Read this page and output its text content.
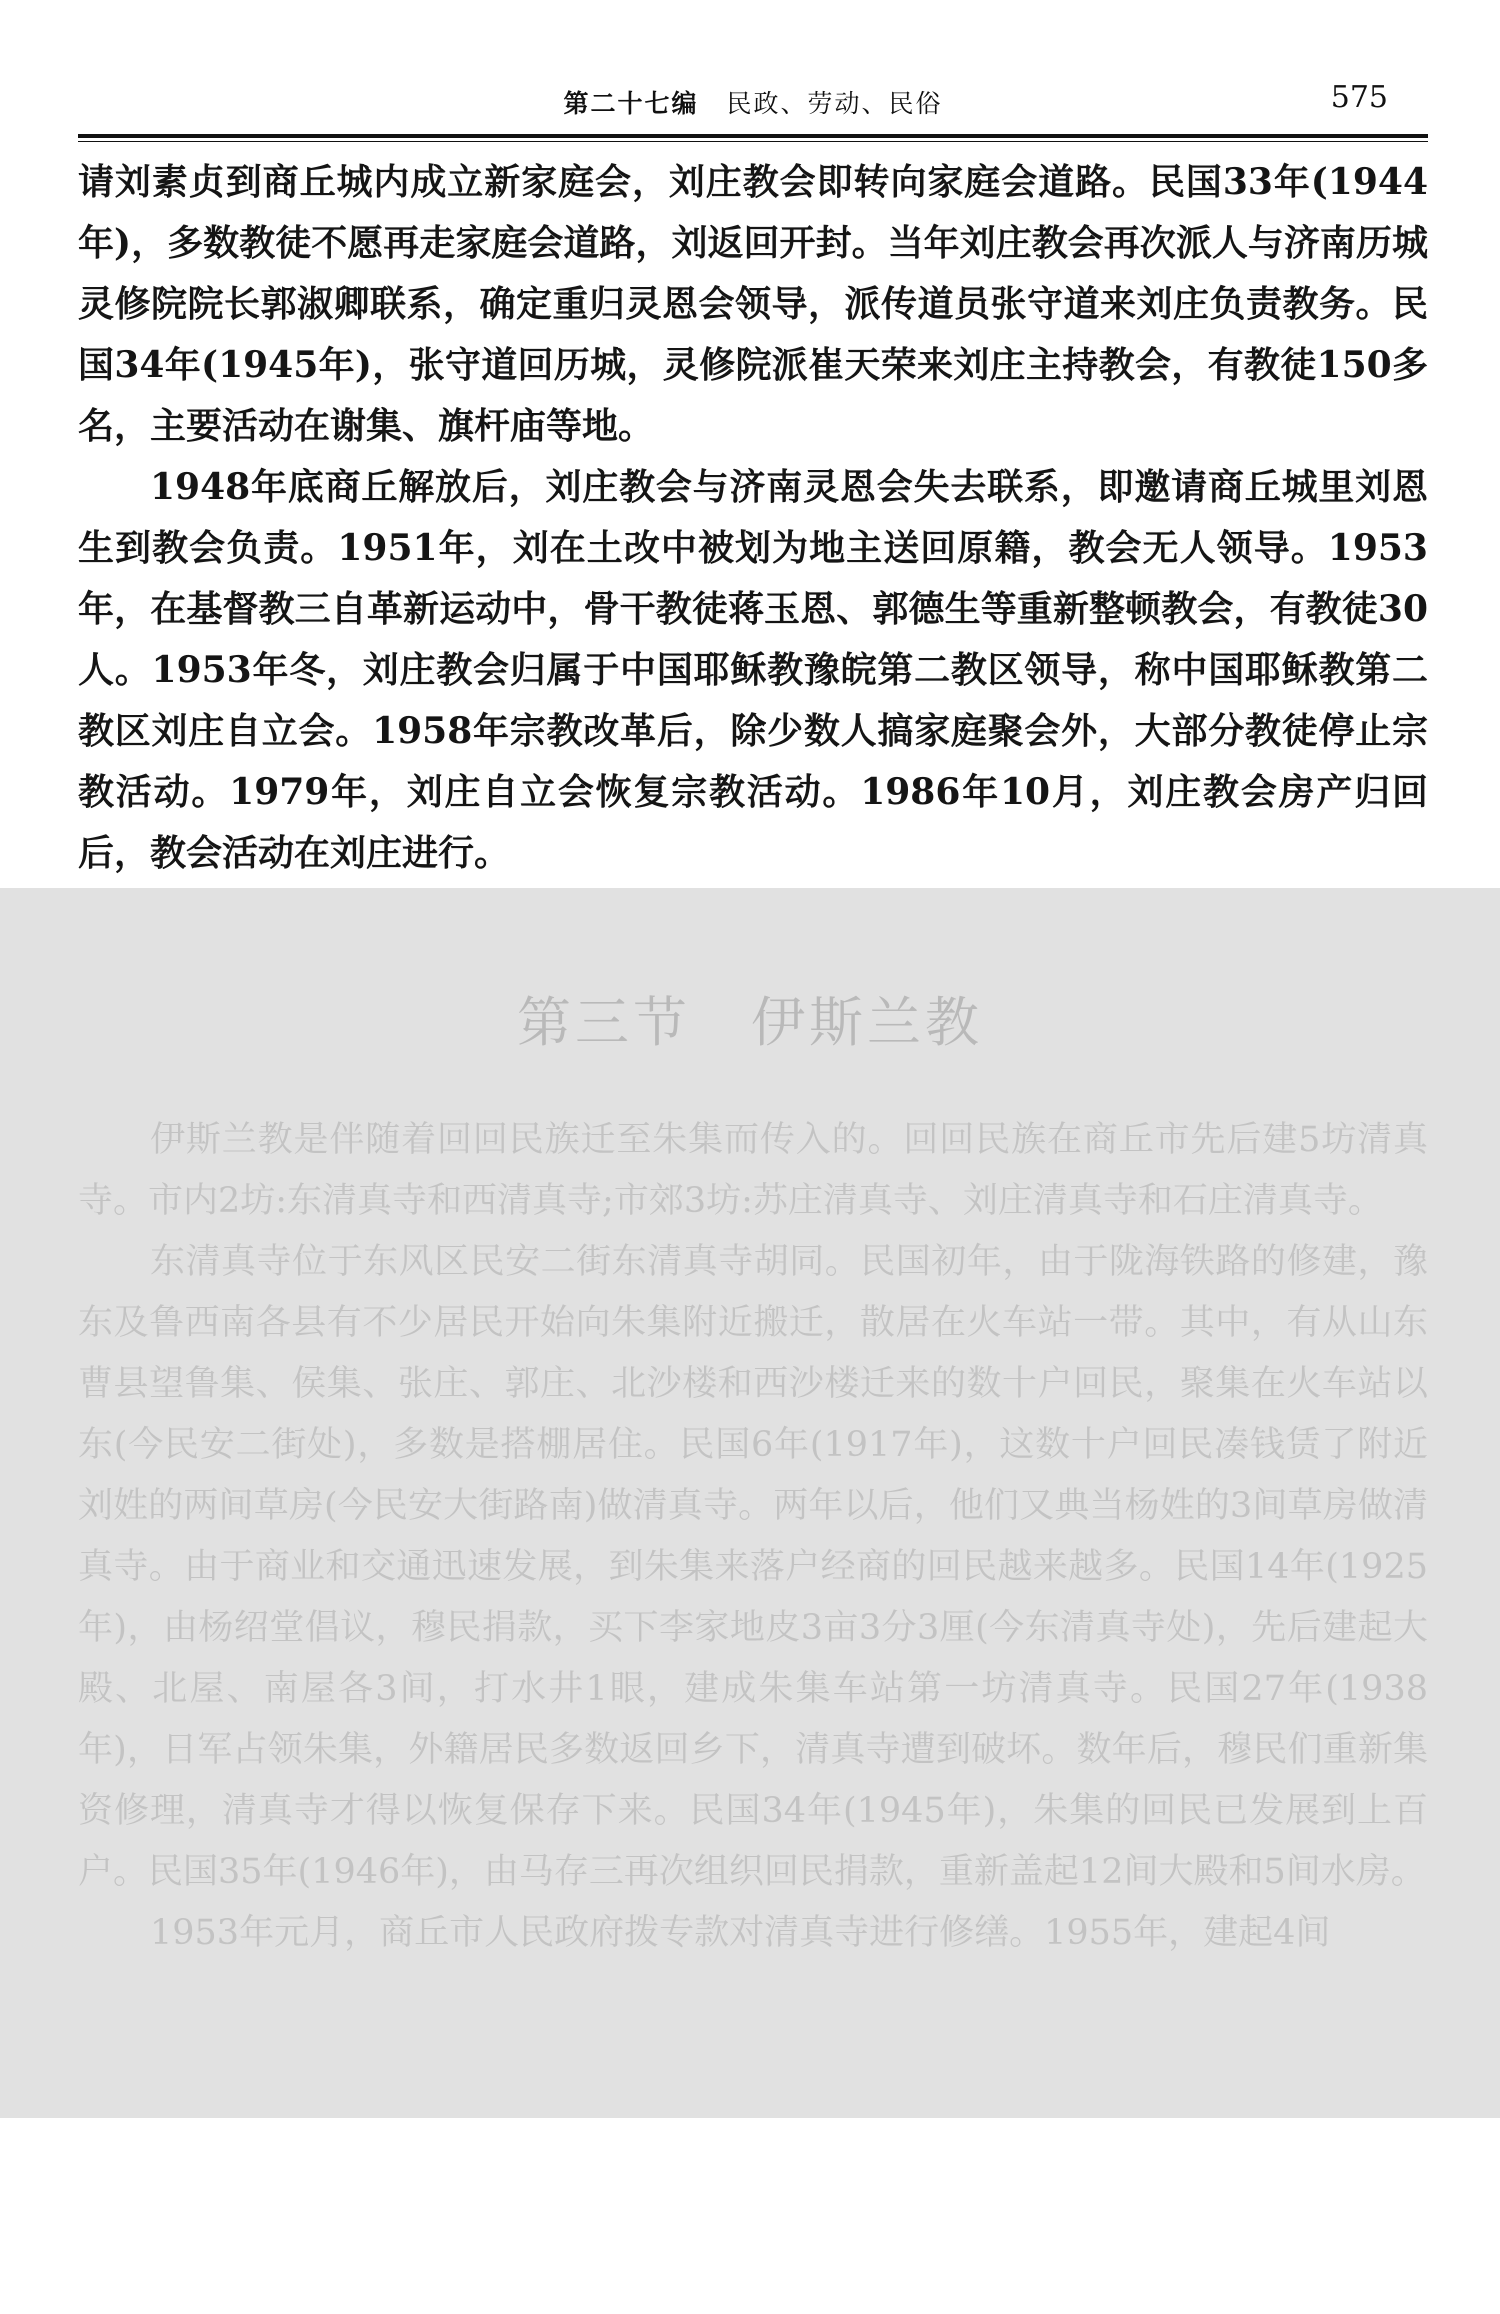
第二十七编 民政、劳动、民俗	575

请刘素贞到商丘城内成立新家庭会，刘庄教会即转向家庭会道路。民国33年(1944年)，多数教徒不愿再走家庭会道路，刘返回开封。当年刘庄教会再次派人与济南历城灵修院院长郭淑卿联系，确定重归灵恩会领导，派传道员张守道来刘庄负责教务。民国34年(1945年)，张守道回历城，灵修院派崔天荣来刘庄主持教会，有教徒150多名，主要活动在谢集、旗杆庙等地。

1948年底商丘解放后，刘庄教会与济南灵恩会失去联系，即邀请商丘城里刘恩生到教会负责。1951年，刘在土改中被划为地主送回原籍，教会无人领导。1953年，在基督教三自革新运动中，骨干教徒蒋玉恩、郭德生等重新整顿教会，有教徒30人。1953年冬，刘庄教会归属于中国耶稣教豫皖第二教区领导，称中国耶稣教第二教区刘庄自立会。1958年宗教改革后，除少数人搞家庭聚会外，大部分教徒停止宗教活动。1979年，刘庄自立会恢复宗教活动。1986年10月，刘庄教会房产归回后，教会活动在刘庄进行。

第三节 伊斯兰教

伊斯兰教是伴随着回回民族迁至朱集而传入的。回回民族在商丘市先后建5坊清真寺。市内2坊:东清真寺和西清真寺;市郊3坊:苏庄清真寺、刘庄清真寺和石庄清真寺。

东清真寺位于东风区民安二街东清真寺胡同。民国初年，由于陇海铁路的修建，豫东及鲁西南各县有不少居民开始向朱集附近搬迁，散居在火车站一带。其中，有从山东曹县望鲁集、侯集、张庄、郭庄、北沙楼和西沙楼迁来的数十户回民，聚集在火车站以东(今民安二街处)，多数是搭棚居住。民国6年(1917年)，这数十户回民凑钱赁了附近刘姓的两间草房(今民安大街路南)做清真寺。两年以后，他们又典当杨姓的3间草房做清真寺。由于商业和交通迅速发展，到朱集来落户经商的回民越来越多。民国14年(1925年)，由杨绍堂倡议，穆民捐款，买下李家地皮3亩3分3厘(今东清真寺处)，先后建起大殿、北屋、南屋各3间，打水井1眼，建成朱集车站第一坊清真寺。民国27年(1938年)，日军占领朱集，外籍居民多数返回乡下，清真寺遭到破坏。数年后，穆民们重新集资修理，清真寺才得以恢复保存下来。民国34年(1945年)，朱集的回民已发展到上百户。民国35年(1946年)，由马存三再次组织回民捐款，重新盖起12间大殿和5间水房。

1953年元月，商丘市人民政府拨专款对清真寺进行修缮。1955年，建起4间
